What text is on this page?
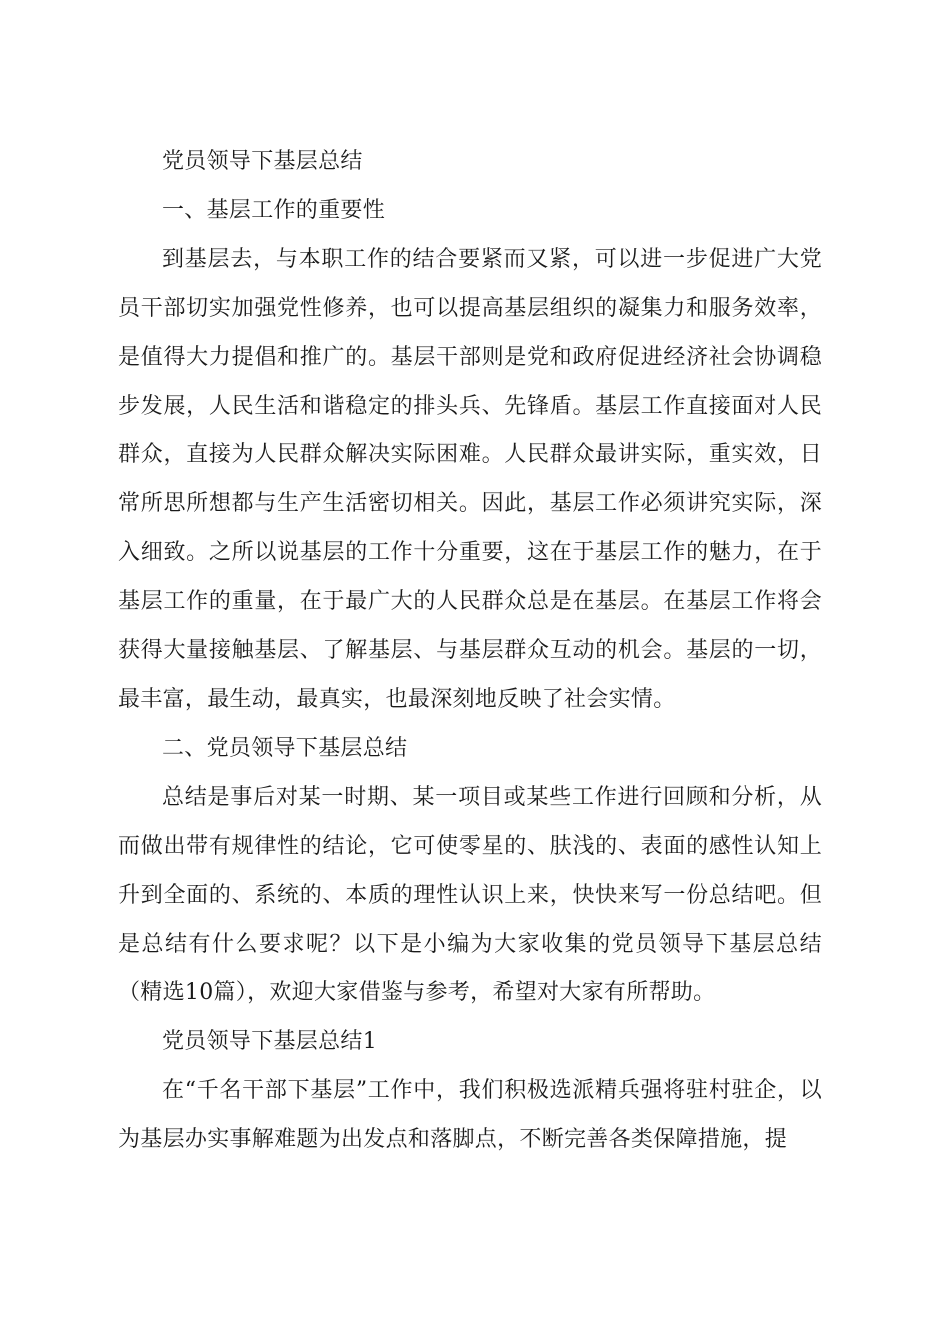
党员领导下基层总结

一、基层工作的重要性

到基层去，与本职工作的结合要紧而又紧，可以进一步促进广大党员干部切实加强党性修养，也可以提高基层组织的凝集力和服务效率，是值得大力提倡和推广的。基层干部则是党和政府促进经济社会协调稳步发展，人民生活和谐稳定的排头兵、先锋盾。基层工作直接面对人民群众，直接为人民群众解决实际困难。人民群众最讲实际，重实效，日常所思所想都与生产生活密切相关。因此，基层工作必须讲究实际，深入细致。之所以说基层的工作十分重要，这在于基层工作的魅力，在于基层工作的重量，在于最广大的人民群众总是在基层。在基层工作将会获得大量接触基层、了解基层、与基层群众互动的机会。基层的一切，最丰富，最生动，最真实，也最深刻地反映了社会实情。

二、党员领导下基层总结

总结是事后对某一时期、某一项目或某些工作进行回顾和分析，从而做出带有规律性的结论，它可使零星的、肤浅的、表面的感性认知上升到全面的、系统的、本质的理性认识上来，快快来写一份总结吧。但是总结有什么要求呢？以下是小编为大家收集的党员领导下基层总结（精选10篇），欢迎大家借鉴与参考，希望对大家有所帮助。

党员领导下基层总结1

在“千名干部下基层”工作中，我们积极选派精兵强将驻村驻企，以为基层办实事解难题为出发点和落脚点，不断完善各类保障措施，提
